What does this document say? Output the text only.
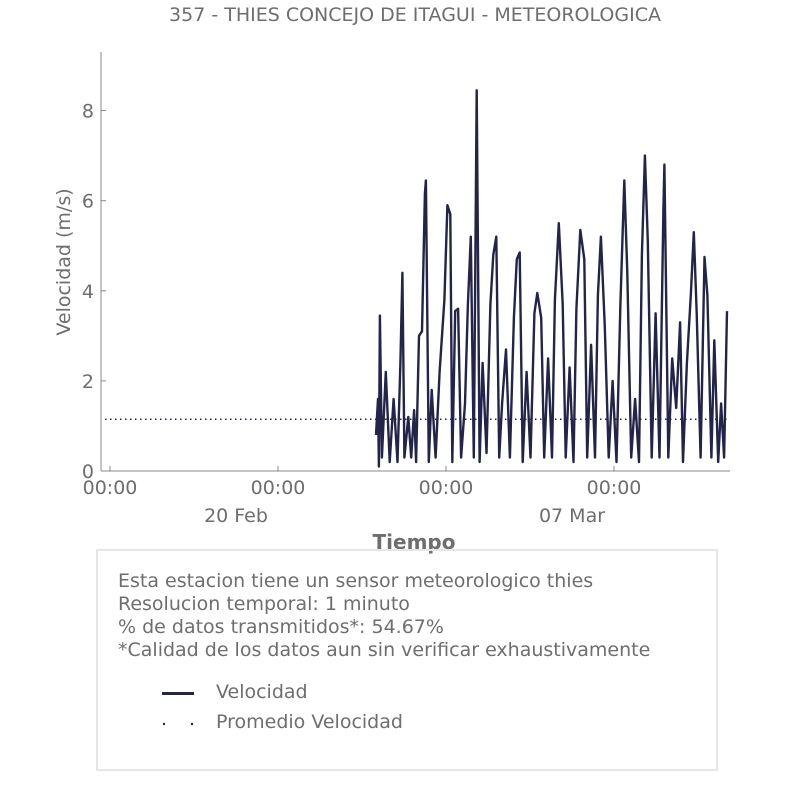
357 - THIES CONCEJO DE ITAGUI - METEOROLOGICA
0
2
4
6
8
00:00	00:00
20 Feb
00:00	00:00
07 Mar
Velocidad (m/s)
Tiempo
Esta estacion tiene un sensor meteorologico thies
Resolucion temporal: 1 minuto
% de datos transmitidos*: 54.67%
*Calidad de los datos aun sin verificar exhaustivamente
Velocidad
Promedio Velocidad
